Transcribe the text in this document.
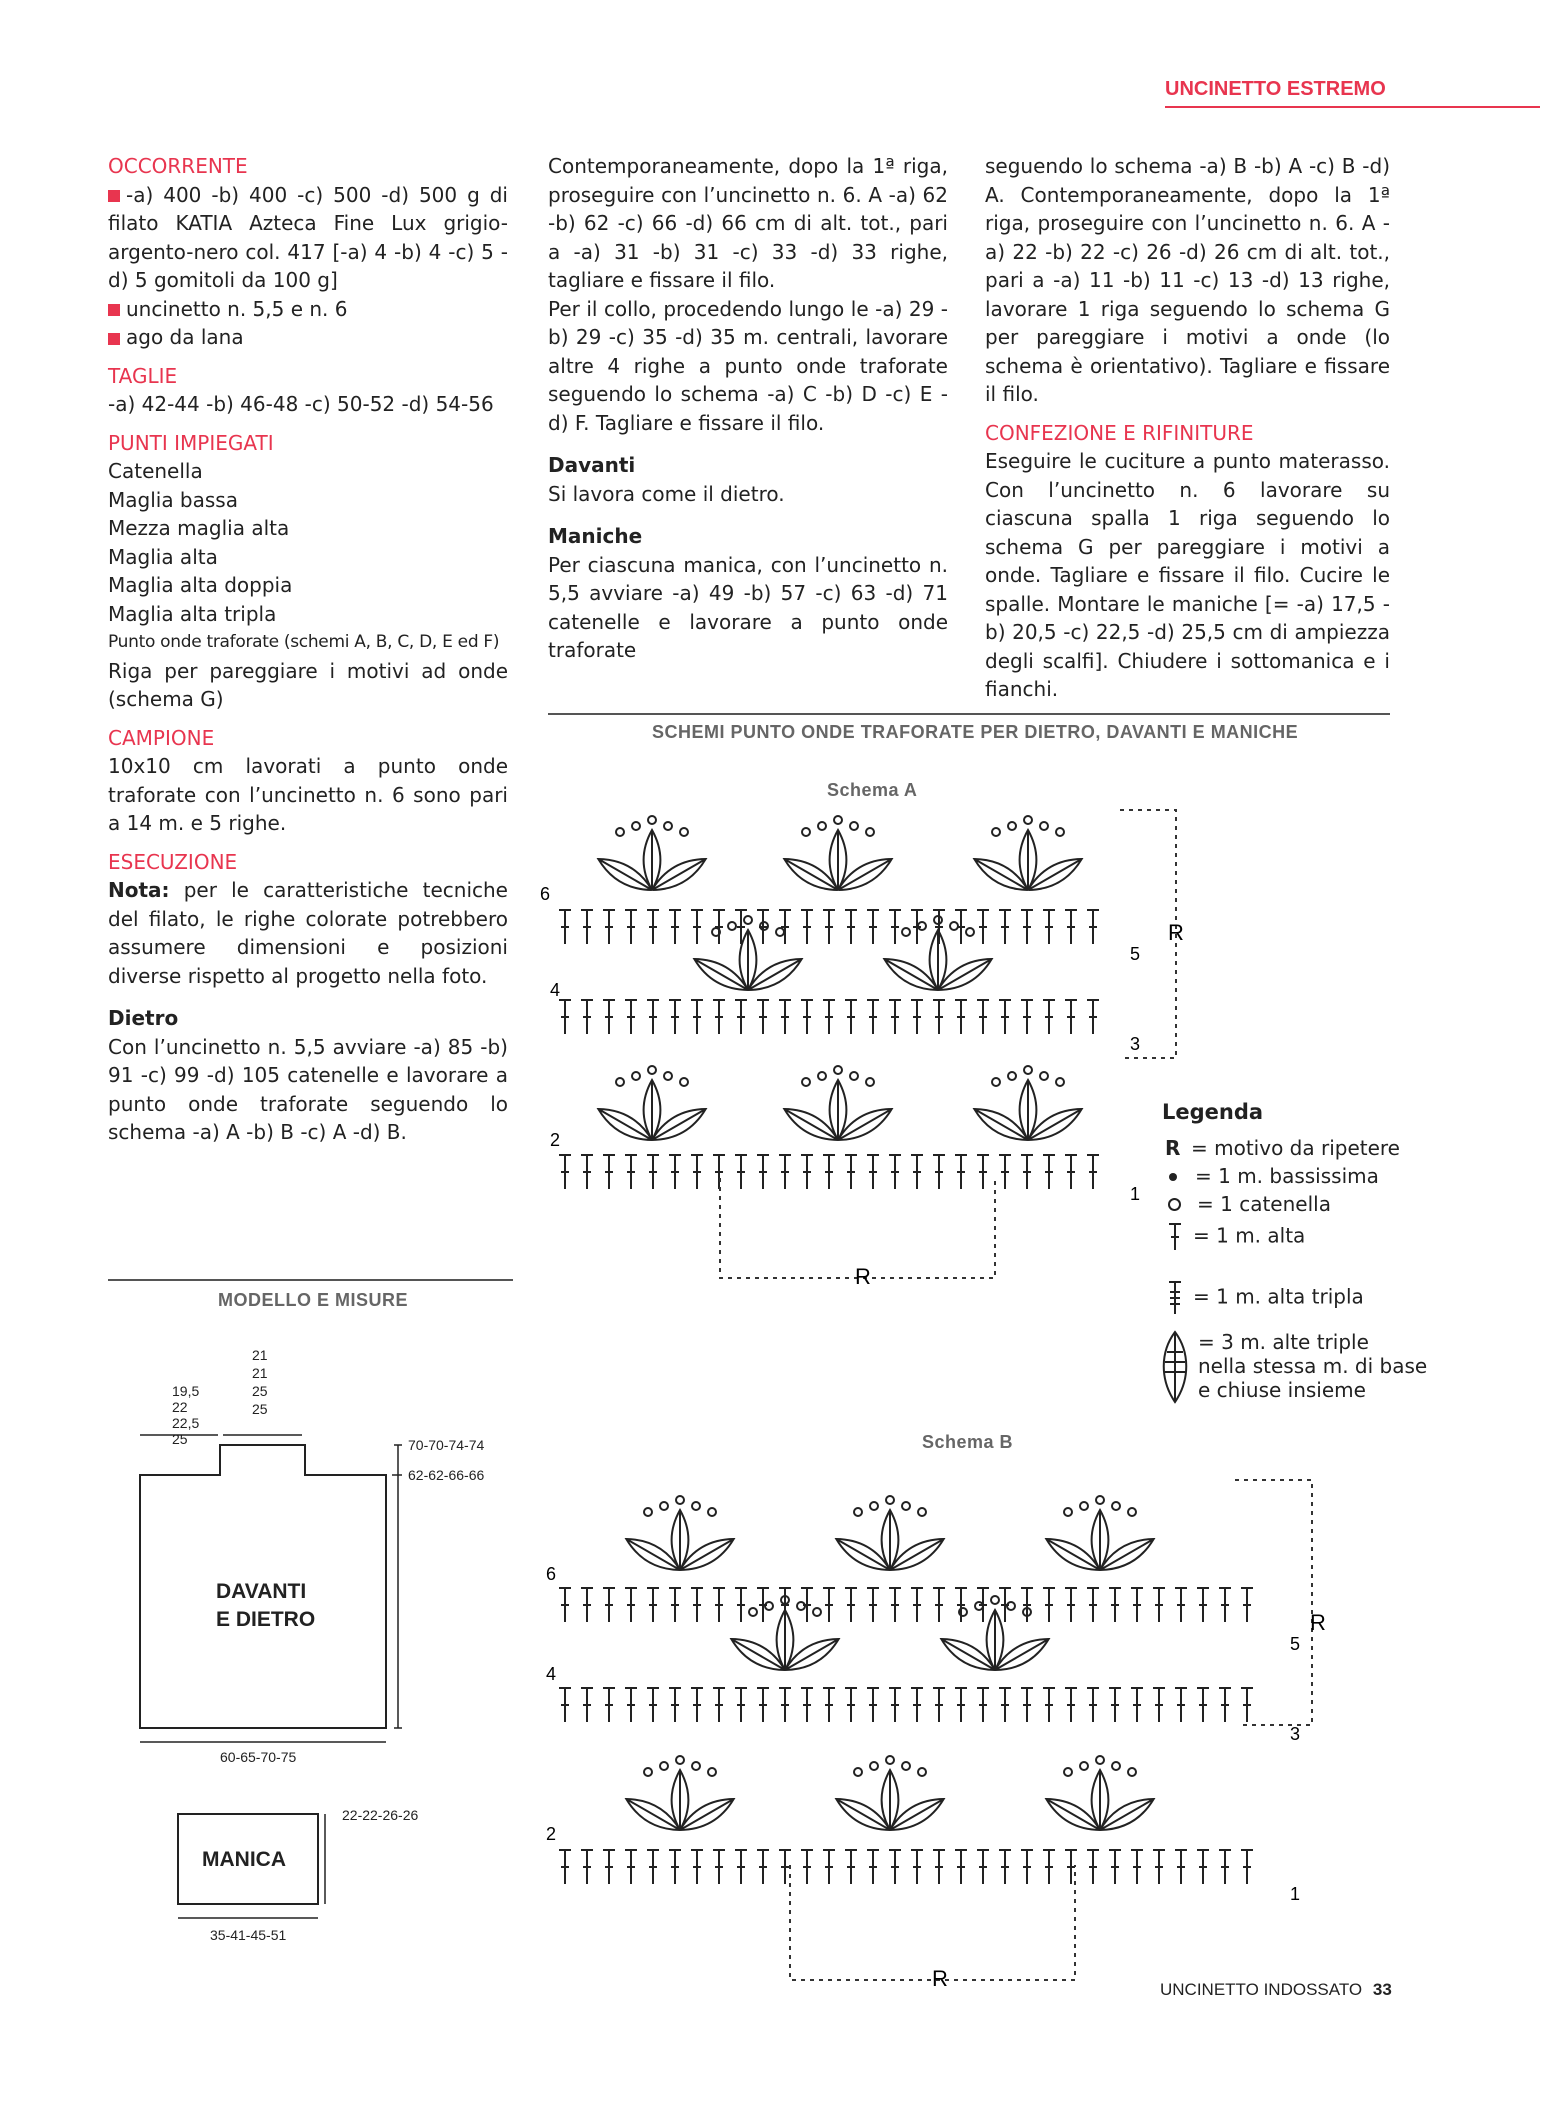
UNCINETTO ESTREMO

OCCORRENTE

-a) 400 -b) 400 -c) 500 -d) 500 g di filato KATIA Azteca Fine Lux grigio-argento-nero col. 417 [-a) 4 -b) 4 -c) 5 -d) 5 gomitoli da 100 g]

uncinetto n. 5,5 e n. 6

ago da lana

TAGLIE

-a) 42-44 -b) 46-48 -c) 50-52 -d) 54-56

PUNTI IMPIEGATI

Catenella

Maglia bassa

Mezza maglia alta

Maglia alta

Maglia alta doppia

Maglia alta tripla

Punto onde traforate (schemi A, B, C, D, E ed F)

Riga per pareggiare i motivi ad onde (schema G)

CAMPIONE

10x10 cm lavorati a punto onde traforate con l’uncinetto n. 6 sono pari a 14 m. e 5 righe.

ESECUZIONE

Nota: per le caratteristiche tecniche del filato, le righe colorate potrebbero assumere dimensioni e posizioni diverse rispetto al progetto nella foto.

Dietro

Con l’uncinetto n. 5,5 avviare -a) 85 -b) 91 -c) 99 -d) 105 catenelle e lavorare a punto onde traforate seguendo lo schema -a) A -b) B -c) A -d) B.

Contemporaneamente, dopo la 1ª riga, proseguire con l’uncinetto n. 6. A -a) 62 -b) 62 -c) 66 -d) 66 cm di alt. tot., pari a -a) 31 -b) 31 -c) 33 -d) 33 righe, tagliare e fissare il filo.

Per il collo, procedendo lungo le -a) 29 -b) 29 -c) 35 -d) 35 m. centrali, lavorare altre 4 righe a punto onde traforate seguendo lo schema -a) C -b) D -c) E -d) F. Tagliare e fissare il filo.

Davanti

Si lavora come il dietro.

Maniche

Per ciascuna manica, con l’uncinetto n. 5,5 avviare -a) 49 -b) 57 -c) 63 -d) 71 catenelle e lavorare a punto onde traforate

seguendo lo schema -a) B -b) A -c) B -d) A. Contemporaneamente, dopo la 1ª riga, proseguire con l’uncinetto n. 6. A -a) 22 -b) 22 -c) 26 -d) 26 cm di alt. tot., pari a -a) 11 -b) 11 -c) 13 -d) 13 righe, lavorare 1 riga seguendo lo schema G per pareggiare i motivi a onde (lo schema è orientativo). Tagliare e fissare il filo.

CONFEZIONE E RIFINITURE

Eseguire le cuciture a punto materasso. Con l’uncinetto n. 6 lavorare su ciascuna spalla 1 riga seguendo lo schema G per pareggiare i motivi a onde. Tagliare e fissare il filo. Cucire le spalle. Montare le maniche [= -a) 17,5 -b) 20,5 -c) 22,5 -d) 25,5 cm di ampiezza degli scalfi]. Chiudere i sottomanica e i fianchi.

SCHEMI PUNTO ONDE TRAFORATE PER DIETRO, DAVANTI E MANICHE
Schema A
Schema B
6
4
2
5
3
1
R
R
6
4
2
5
3
1
R
R
Legenda
R = motivo da ripetere
= 1 m. bassissima
= 1 catenella
= 1 m. alta
= 1 m. alta tripla
= 3 m. alte triple
nella stessa m. di base
e chiuse insieme
MODELLO E MISURE
21
21
25
25
19,5
22
22,5
25	70-70-74-74
62-62-66-66
60-65-70-75
22-22-26-26
35-41-45-51
DAVANTI
E DIETRO
MANICA
UNCINETTO INDOSSATO 33
